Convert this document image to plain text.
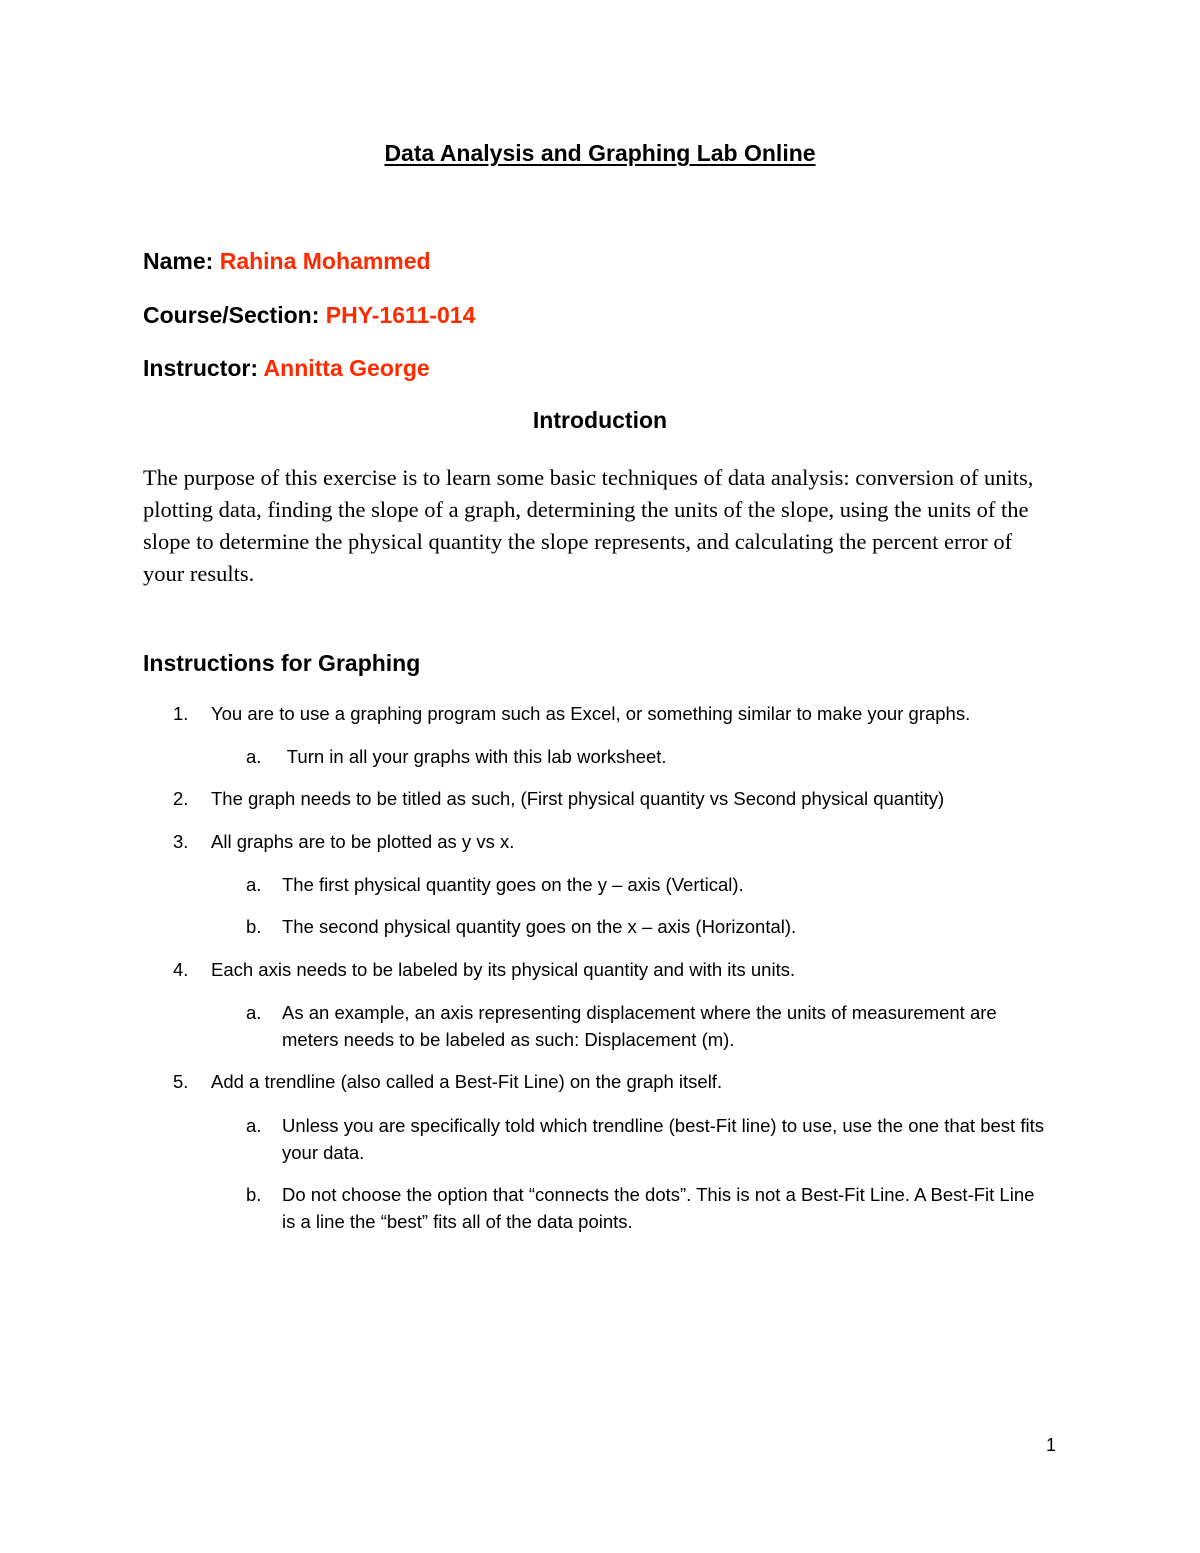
Data Analysis and Graphing Lab Online
Name: Rahina Mohammed
Course/Section: PHY-1611-014
Instructor: Annitta George
Introduction

The purpose of this exercise is to learn some basic techniques of data analysis: conversion of units, plotting data, finding the slope of a graph, determining the units of the slope, using the units of the slope to determine the physical quantity the slope represents, and calculating the percent error of your results.

Instructions for Graphing
1.	You are to use a graphing program such as Excel, or something similar to make your graphs.
a.	Turn in all your graphs with this lab worksheet.
2.	The graph needs to be titled as such, (First physical quantity vs Second physical quantity)
3.	All graphs are to be plotted as y vs x.
a.	The first physical quantity goes on the y – axis (Vertical).
b.	The second physical quantity goes on the x – axis (Horizontal).
4.	Each axis needs to be labeled by its physical quantity and with its units.
a.	As an example, an axis representing displacement where the units of measurement are meters needs to be labeled as such: Displacement (m).
5.	Add a trendline (also called a Best-Fit Line) on the graph itself.
a.	Unless you are specifically told which trendline (best-Fit line) to use, use the one that best fits your data.
b.	Do not choose the option that “connects the dots”. This is not a Best-Fit Line. A Best-Fit Line is a line the “best” fits all of the data points.
1
